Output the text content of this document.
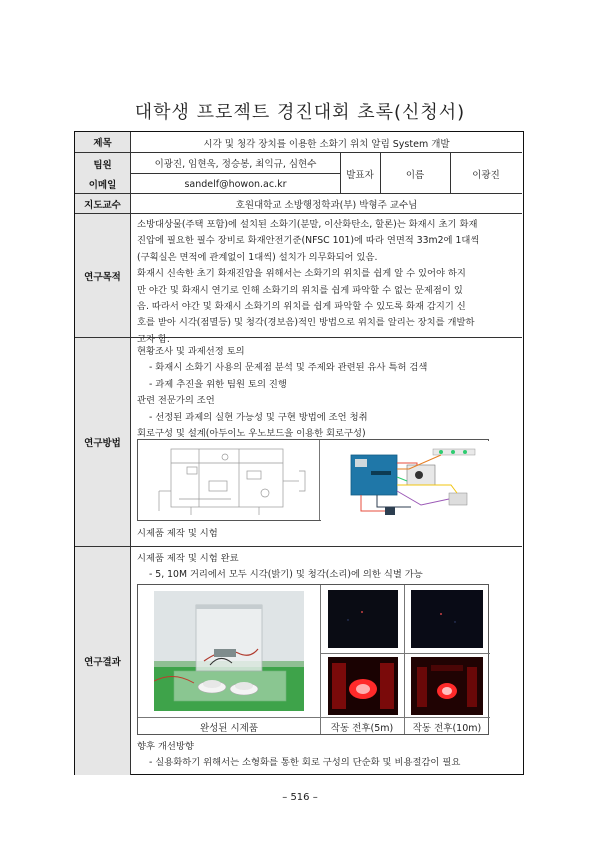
대학생 프로젝트 경진대회 초록(신청서)
제목	시각 및 청각 장치를 이용한 소화기 위치 알림 System 개발
팀원	이광진, 임현욱, 정승봉, 최익규, 심현수
이메일	sandelf@howon.ac.kr
발표자	이름	이광진
지도교수	호원대학교 소방행정학과(부) 박형주 교수님
연구목적
소방대상물(주택 포함)에 설치된 소화기(분말, 이산화탄소, 할론)는 화재시 초기 화재
진압에 필요한 필수 장비로 화재안전기준(NFSC 101)에 따라 연면적 33m2에 1대씩
(구획실은 면적에 관계없이 1대씩) 설치가 의무화되어 있음.
화재시 신속한 초기 화재진압을 위해서는 소화기의 위치를 쉽게 알 수 있어야 하지
만 야간 및 화재시 연기로 인해 소화기의 위치를 쉽게 파악할 수 없는 문제점이 있
음. 따라서 야간 및 화재시 소화기의 위치를 쉽게 파악할 수 있도록 화재 감지기 신
호를 받아 시각(점멸등) 및 청각(경보음)적인 방법으로 위치를 알리는 장치를 개발하
고자 함.
연구방법
현황조사 및 과제선정 토의
- 화재시 소화기 사용의 문제점 분석 및 주제와 관련된 유사 특허 검색
- 과제 추진을 위한 팀원 토의 진행
관련 전문가의 조언
- 선정된 과제의 실현 가능성 및 구현 방법에 조언 청취
회로구성 및 설계(아두이노 우노보드을 이용한 회로구성)
시제품 제작 및 시험
연구결과
시제품 제작 및 시험 완료
- 5, 10M 거리에서 모두 시각(밝기) 및 청각(소리)에 의한 식별 가능
완성된 시제품	작동 전후(5m)	작동 전후(10m)
향후 개선방향
- 실용화하기 위해서는 소형화를 통한 회로 구성의 단순화 및 비용절감이 필요
– 516 –
